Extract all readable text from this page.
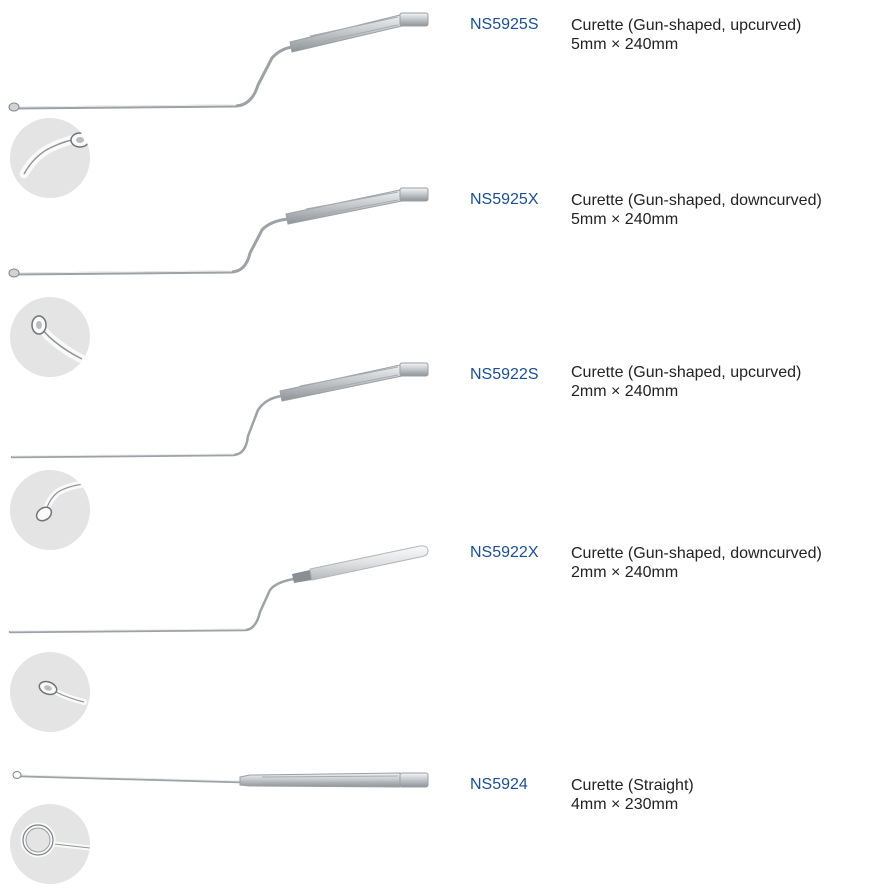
NS5925S Curette (Gun‑shaped, upcurved)
5mm × 240mm
NS5925X Curette (Gun‑shaped, downcurved)
5mm × 240mm
NS5922S Curette (Gun‑shaped, upcurved)
2mm × 240mm
NS5922X Curette (Gun‑shaped, downcurved)
2mm × 240mm
NS5924	Curette (Straight)
4mm × 230mm
